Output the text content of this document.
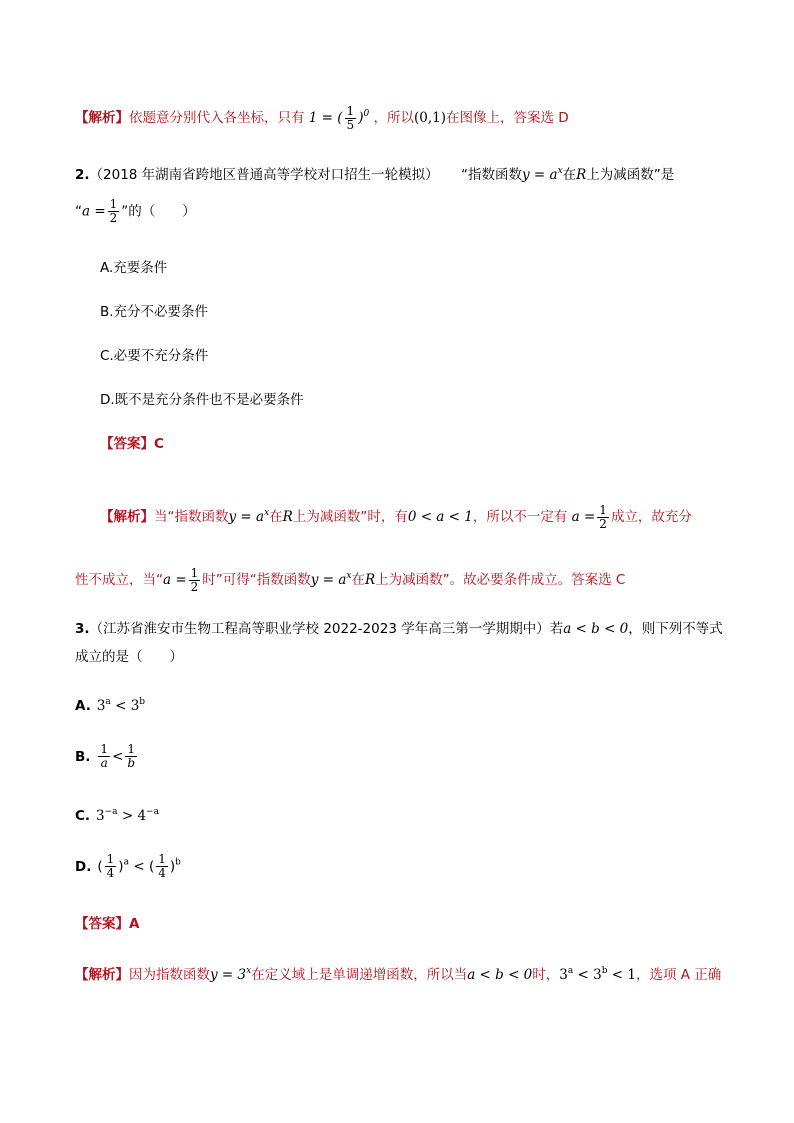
【解析】依题意分别代入各坐标，只有 1 = ( $\frac{1}{5} )^0$ ，所以(0,1)在图像上，答案选 D
2.（2018 年湖南省跨地区普通高等学校对口招生一轮模拟） “指数函数$y = a^x$在R上为减函数”是
“$a = \frac{1}{2}$ ”的（　　）
A.充要条件
B.充分不必要条件
C.必要不充分条件
D.既不是充分条件也不是必要条件
【答案】C
【解析】当“指数函数$y = a^x$在R上为减函数”时，有0 < a < 1，所以不一定有 $a = \frac{1}{2}$ 成立，故充分
性不成立，当“$a = \frac{1}{2}$ 时”可得“指数函数$y = a^x$在R上为减函数”。故必要条件成立。答案选 C
3.（江苏省淮安市生物工程高等职业学校 2022-2023 学年高三第一学期期中）若a < b < 0，则下列不等式
成立的是（　　）
A. $3^a < 3^b$
B. $\frac{1}{a} < \frac{1}{b}$
C. $3^{-a} > 4^{-a}$
D. ( $\frac{1}{4} )^a$ < ( $\frac{1}{4} )^b$
【答案】A
【解析】因为指数函数$y = 3^x$在定义域上是单调递增函数，所以当a < b < 0时，$3^a < 3^b < 1$，选项 A 正确
